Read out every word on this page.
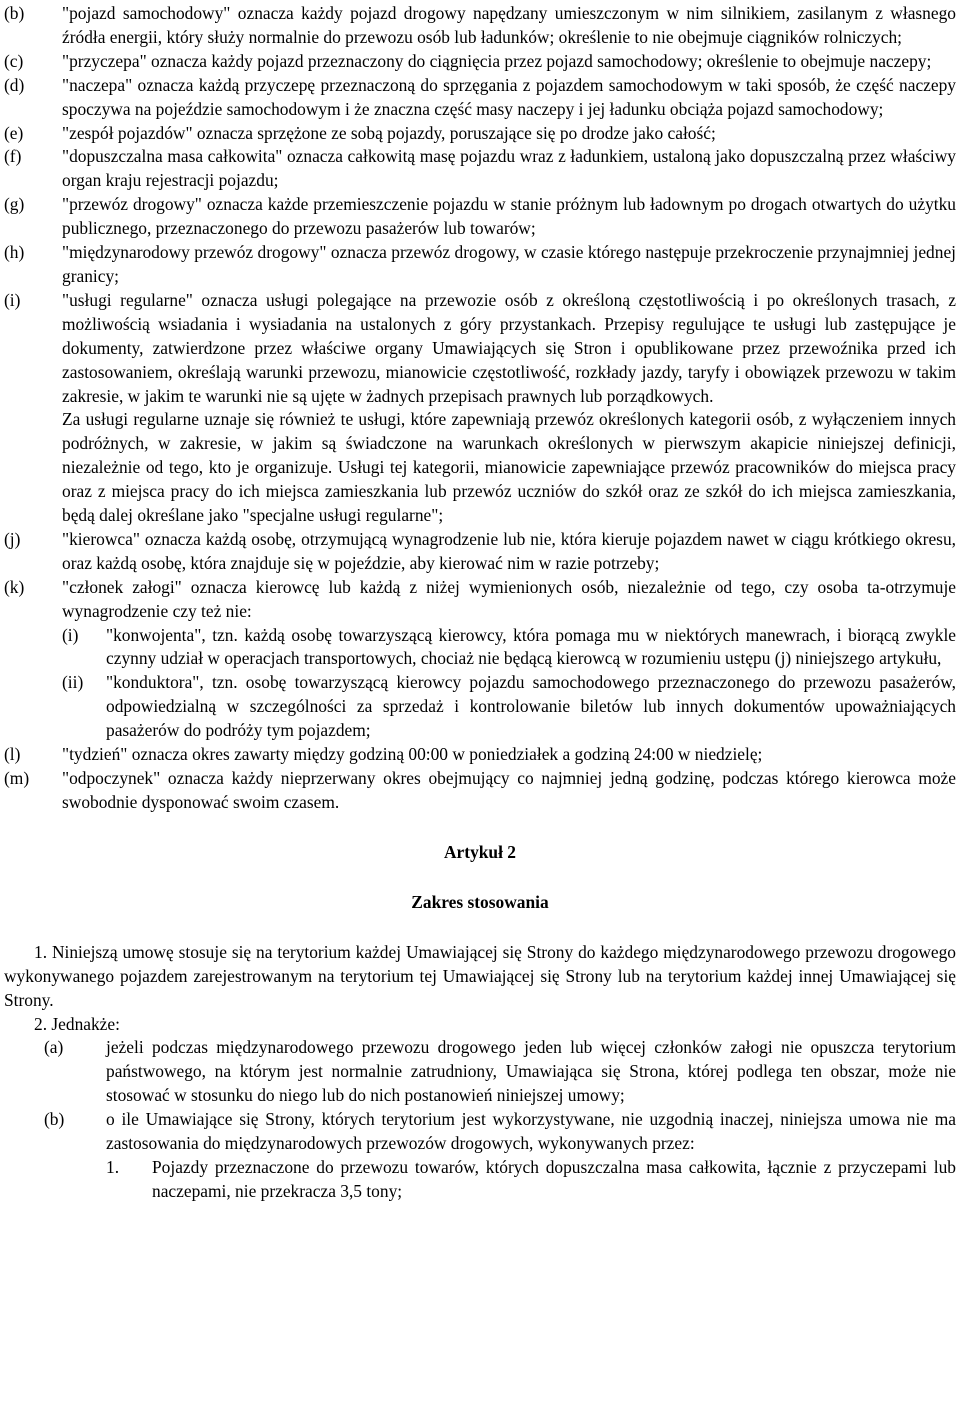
(b)	"pojazd samochodowy" oznacza każdy pojazd drogowy napędzany umieszczonym w nim silnikiem, zasilanym z własnego źródła energii, który służy normalnie do przewozu osób lub ładunków; określenie to nie obejmuje ciągników rolniczych;

(c)	"przyczepa" oznacza każdy pojazd przeznaczony do ciągnięcia przez pojazd samochodowy; określenie to obejmuje naczepy;

(d)	"naczepa" oznacza każdą przyczepę przeznaczoną do sprzęgania z pojazdem samochodowym w taki sposób, że część naczepy spoczywa na pojeździe samochodowym i że znaczna część masy naczepy i jej ładunku obciąża pojazd samochodowy;

(e)	"zespół pojazdów" oznacza sprzężone ze sobą pojazdy, poruszające się po drodze jako całość;

(f)	"dopuszczalna masa całkowita" oznacza całkowitą masę pojazdu wraz z ładunkiem, ustaloną jako dopuszczalną przez właściwy organ kraju rejestracji pojazdu;

(g)	"przewóz drogowy" oznacza każde przemieszczenie pojazdu w stanie próżnym lub ładownym po drogach otwartych do użytku publicznego, przeznaczonego do przewozu pasażerów lub towarów;

(h)	"międzynarodowy przewóz drogowy" oznacza przewóz drogowy, w czasie którego następuje przekroczenie przynajmniej jednej granicy;

(i)	"usługi regularne" oznacza usługi polegające na przewozie osób z określoną częstotliwością i po określonych trasach, z możliwością wsiadania i wysiadania na ustalonych z góry przystankach. Przepisy regulujące te usługi lub zastępujące je dokumenty, zatwierdzone przez właściwe organy Umawiających się Stron i opublikowane przez przewoźnika przed ich zastosowaniem, określają warunki przewozu, mianowicie częstotliwość, rozkłady jazdy, taryfy i obowiązek przewozu w takim zakresie, w jakim te warunki nie są ujęte w żadnych przepisach prawnych lub porządkowych.

Za usługi regularne uznaje się również te usługi, które zapewniają przewóz określonych kategorii osób, z wyłączeniem innych podróżnych, w zakresie, w jakim są świadczone na warunkach określonych w pierwszym akapicie niniejszej definicji, niezależnie od tego, kto je organizuje. Usługi tej kategorii, mianowicie zapewniające przewóz pracowników do miejsca pracy oraz z miejsca pracy do ich miejsca zamieszkania lub przewóz uczniów do szkół oraz ze szkół do ich miejsca zamieszkania, będą dalej określane jako "specjalne usługi regularne";

(j)	"kierowca" oznacza każdą osobę, otrzymującą wynagrodzenie lub nie, która kieruje pojazdem nawet w ciągu krótkiego okresu, oraz każdą osobę, która znajduje się w pojeździe, aby kierować nim w razie potrzeby;

(k)	"członek załogi" oznacza kierowcę lub każdą z niżej wymienionych osób, niezależnie od tego, czy osoba ta-otrzymuje wynagrodzenie czy też nie:

(i)	"konwojenta", tzn. każdą osobę towarzyszącą kierowcy, która pomaga mu w niektórych manewrach, i biorącą zwykle czynny udział w operacjach transportowych, chociaż nie będącą kierowcą w rozumieniu ustępu (j) niniejszego artykułu,
(ii)	"konduktora", tzn. osobę towarzyszącą kierowcy pojazdu samochodowego przeznaczonego do przewozu pasażerów, odpowiedzialną w szczególności za sprzedaż i kontrolowanie biletów lub innych dokumentów upoważniających pasażerów do podróży tym pojazdem;
(l)	"tydzień" oznacza okres zawarty między godziną 00:00 w poniedziałek a godziną 24:00 w niedzielę;

(m)	"odpoczynek" oznacza każdy nieprzerwany okres obejmujący co najmniej jedną godzinę, podczas którego kierowca może swobodnie dysponować swoim czasem.

Artykuł 2

Zakres stosowania

1. Niniejszą umowę stosuje się na terytorium każdej Umawiającej się Strony do każdego międzynarodowego przewozu drogowego wykonywanego pojazdem zarejestrowanym na terytorium tej Umawiającej się Strony lub na terytorium każdej innej Umawiającej się Strony.

2. Jednakże:

(a)	jeżeli podczas międzynarodowego przewozu drogowego jeden lub więcej członków załogi nie opuszcza terytorium państwowego, na którym jest normalnie zatrudniony, Umawiająca się Strona, której podlega ten obszar, może nie stosować w stosunku do niego lub do nich postanowień niniejszej umowy;
(b)	o ile Umawiające się Strony, których terytorium jest wykorzystywane, nie uzgodnią inaczej, niniejsza umowa nie ma zastosowania do międzynarodowych przewozów drogowych, wykonywanych przez:
1.	Pojazdy przeznaczone do przewozu towarów, których dopuszczalna masa całkowita, łącznie z przyczepami lub naczepami, nie przekracza 3,5 tony;
